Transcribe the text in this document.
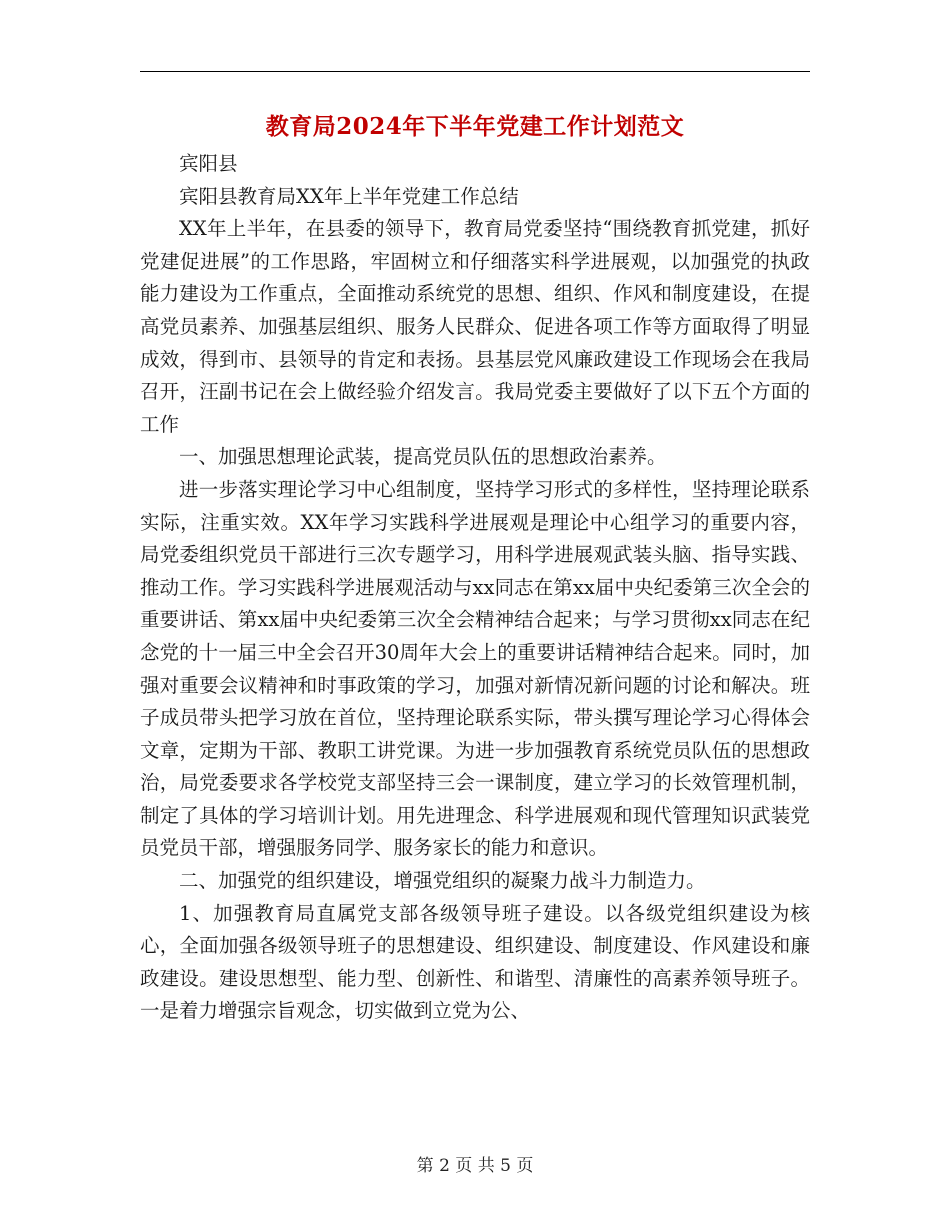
教育局2024年下半年党建工作计划范文

宾阳县

宾阳县教育局XX年上半年党建工作总结

XX年上半年，在县委的领导下，教育局党委坚持“围绕教育抓党建，抓好党建促进展”的工作思路，牢固树立和仔细落实科学进展观，以加强党的执政能力建设为工作重点，全面推动系统党的思想、组织、作风和制度建设，在提高党员素养、加强基层组织、服务人民群众、促进各项工作等方面取得了明显成效，得到市、县领导的肯定和表扬。县基层党风廉政建设工作现场会在我局召开，汪副书记在会上做经验介绍发言。我局党委主要做好了以下五个方面的工作

一、加强思想理论武装，提高党员队伍的思想政治素养。

进一步落实理论学习中心组制度，坚持学习形式的多样性，坚持理论联系实际，注重实效。XX年学习实践科学进展观是理论中心组学习的重要内容，局党委组织党员干部进行三次专题学习，用科学进展观武装头脑、指导实践、推动工作。学习实践科学进展观活动与xx同志在第xx届中央纪委第三次全会的重要讲话、第xx届中央纪委第三次全会精神结合起来；与学习贯彻xx同志在纪念党的十一届三中全会召开30周年大会上的重要讲话精神结合起来。同时，加强对重要会议精神和时事政策的学习，加强对新情况新问题的讨论和解决。班子成员带头把学习放在首位，坚持理论联系实际，带头撰写理论学习心得体会文章，定期为干部、教职工讲党课。为进一步加强教育系统党员队伍的思想政治，局党委要求各学校党支部坚持三会一课制度，建立学习的长效管理机制，制定了具体的学习培训计划。用先进理念、科学进展观和现代管理知识武装党员党员干部，增强服务同学、服务家长的能力和意识。

二、加强党的组织建设，增强党组织的凝聚力战斗力制造力。

1、加强教育局直属党支部各级领导班子建设。以各级党组织建设为核心，全面加强各级领导班子的思想建设、组织建设、制度建设、作风建设和廉政建设。建设思想型、能力型、创新性、和谐型、清廉性的高素养领导班子。一是着力增强宗旨观念，切实做到立党为公、

第 2 页 共 5 页
